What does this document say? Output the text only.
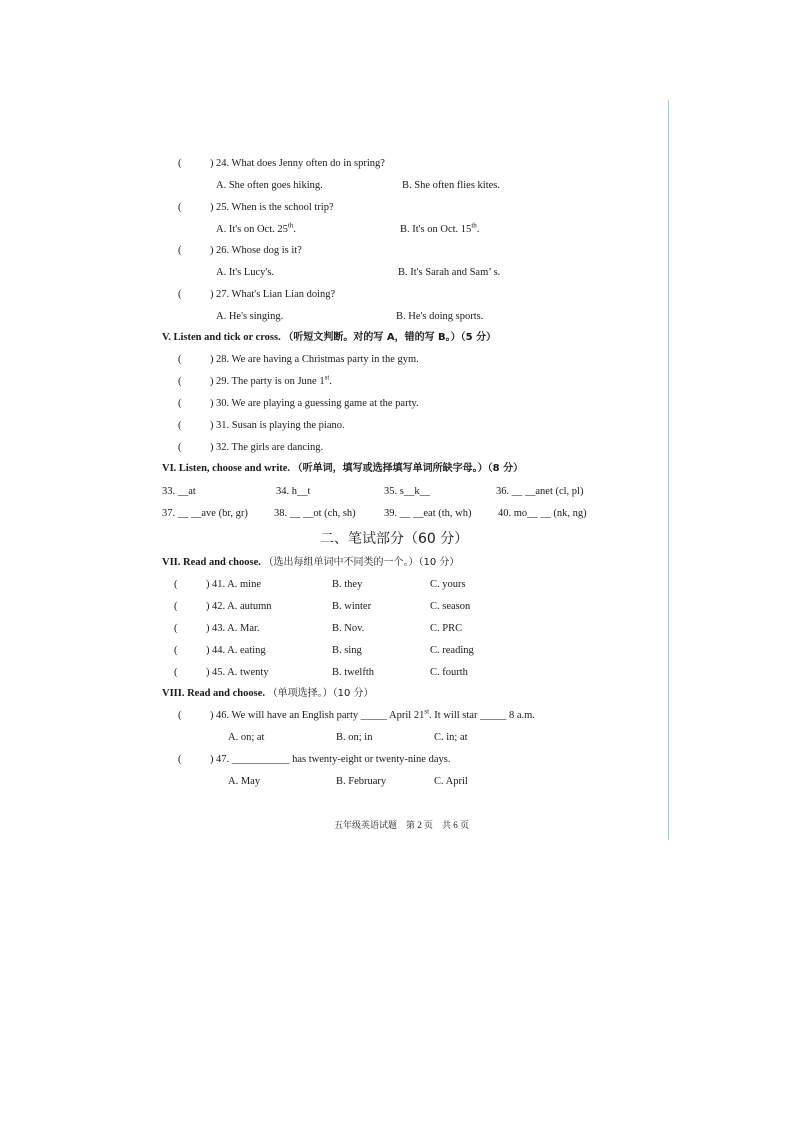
(	) 24. What does Jenny often do in spring?
A. She often goes hiking.	B. She often flies kites.
(	) 25. When is the school trip?
A. It's on Oct. 25th.	B. It's on Oct. 15th.
(	) 26. Whose dog is it?
A. It's Lucy's.	B. It's Sarah and Sam’ s.
(	) 27. What's Lian Lian doing?
A. He's singing.	B. He's doing sports.
V. Listen and tick or cross. （听短文判断。对的写 A，错的写 B。）（5 分）
(	) 28. We are having a Christmas party in the gym.
(	) 29. The party is on June 1st.
(	) 30. We are playing a guessing game at the party.
(	) 31. Susan is playing the piano.
(	) 32. The girls are dancing.
VI. Listen, choose and write. （听单词，填写或选择填写单词所缺字母。）（8 分）
33. __at	34. h__t	35. s__k__	36. __ __anet (cl, pl)
37. __ __ave (br, gr) 38. __ __ot (ch, sh)	39. __ __eat (th, wh)	40. mo__ __ (nk, ng)
二、笔试部分（60 分）
VII. Read and choose. （选出每组单词中不同类的一个。）（10 分）
(	) 41. A. mine	B. they	C. yours
(	) 42. A. autumn	B. winter	C. season
(	) 43. A. Mar.	B. Nov.	C. PRC
(	) 44. A. eating	B. sing	C. reading
(	) 45. A. twenty	B. twelfth	C. fourth
VIII. Read and choose. （单项选择。）（10 分）
(	) 46. We will have an English party _____ April 21st. It will star _____ 8 a.m.
A. on; at	B. on; in	C. in; at
(	) 47. ___________ has twenty-eight or twenty-nine days.
A. May	B. February	C. April
五年级英语试题　第 2 页　共 6 页
